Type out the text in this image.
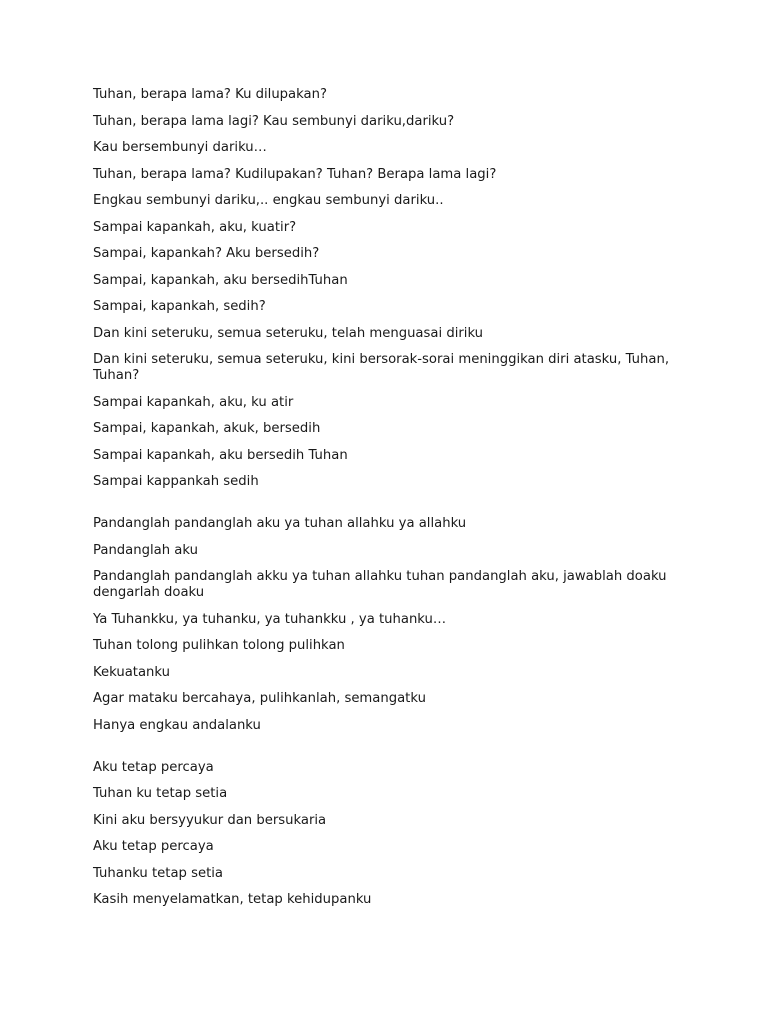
Tuhan, berapa lama? Ku dilupakan?

Tuhan, berapa lama lagi? Kau sembunyi dariku,dariku?

Kau bersembunyi dariku…

Tuhan, berapa lama? Kudilupakan? Tuhan? Berapa lama lagi?

Engkau sembunyi dariku,.. engkau sembunyi dariku..

Sampai kapankah, aku, kuatir?

Sampai, kapankah? Aku bersedih?

Sampai, kapankah, aku bersedihTuhan

Sampai, kapankah, sedih?

Dan kini seteruku, semua seteruku, telah menguasai diriku

Dan kini seteruku, semua seteruku, kini bersorak-sorai meninggikan diri atasku, Tuhan, Tuhan?

Sampai kapankah, aku, ku atir

Sampai, kapankah, akuk, bersedih

Sampai kapankah, aku bersedih Tuhan

Sampai kappankah sedih

Pandanglah pandanglah aku ya tuhan allahku ya allahku

Pandanglah aku

Pandanglah pandanglah akku ya tuhan allahku tuhan pandanglah aku, jawablah doaku dengarlah doaku

Ya Tuhankku, ya tuhanku, ya tuhankku , ya tuhanku…

Tuhan tolong pulihkan tolong pulihkan

Kekuatanku

Agar mataku bercahaya, pulihkanlah, semangatku

Hanya engkau andalanku

Aku tetap percaya

Tuhan ku tetap setia

Kini aku bersyyukur dan bersukaria

Aku tetap percaya

Tuhanku tetap setia

Kasih menyelamatkan, tetap kehidupanku
